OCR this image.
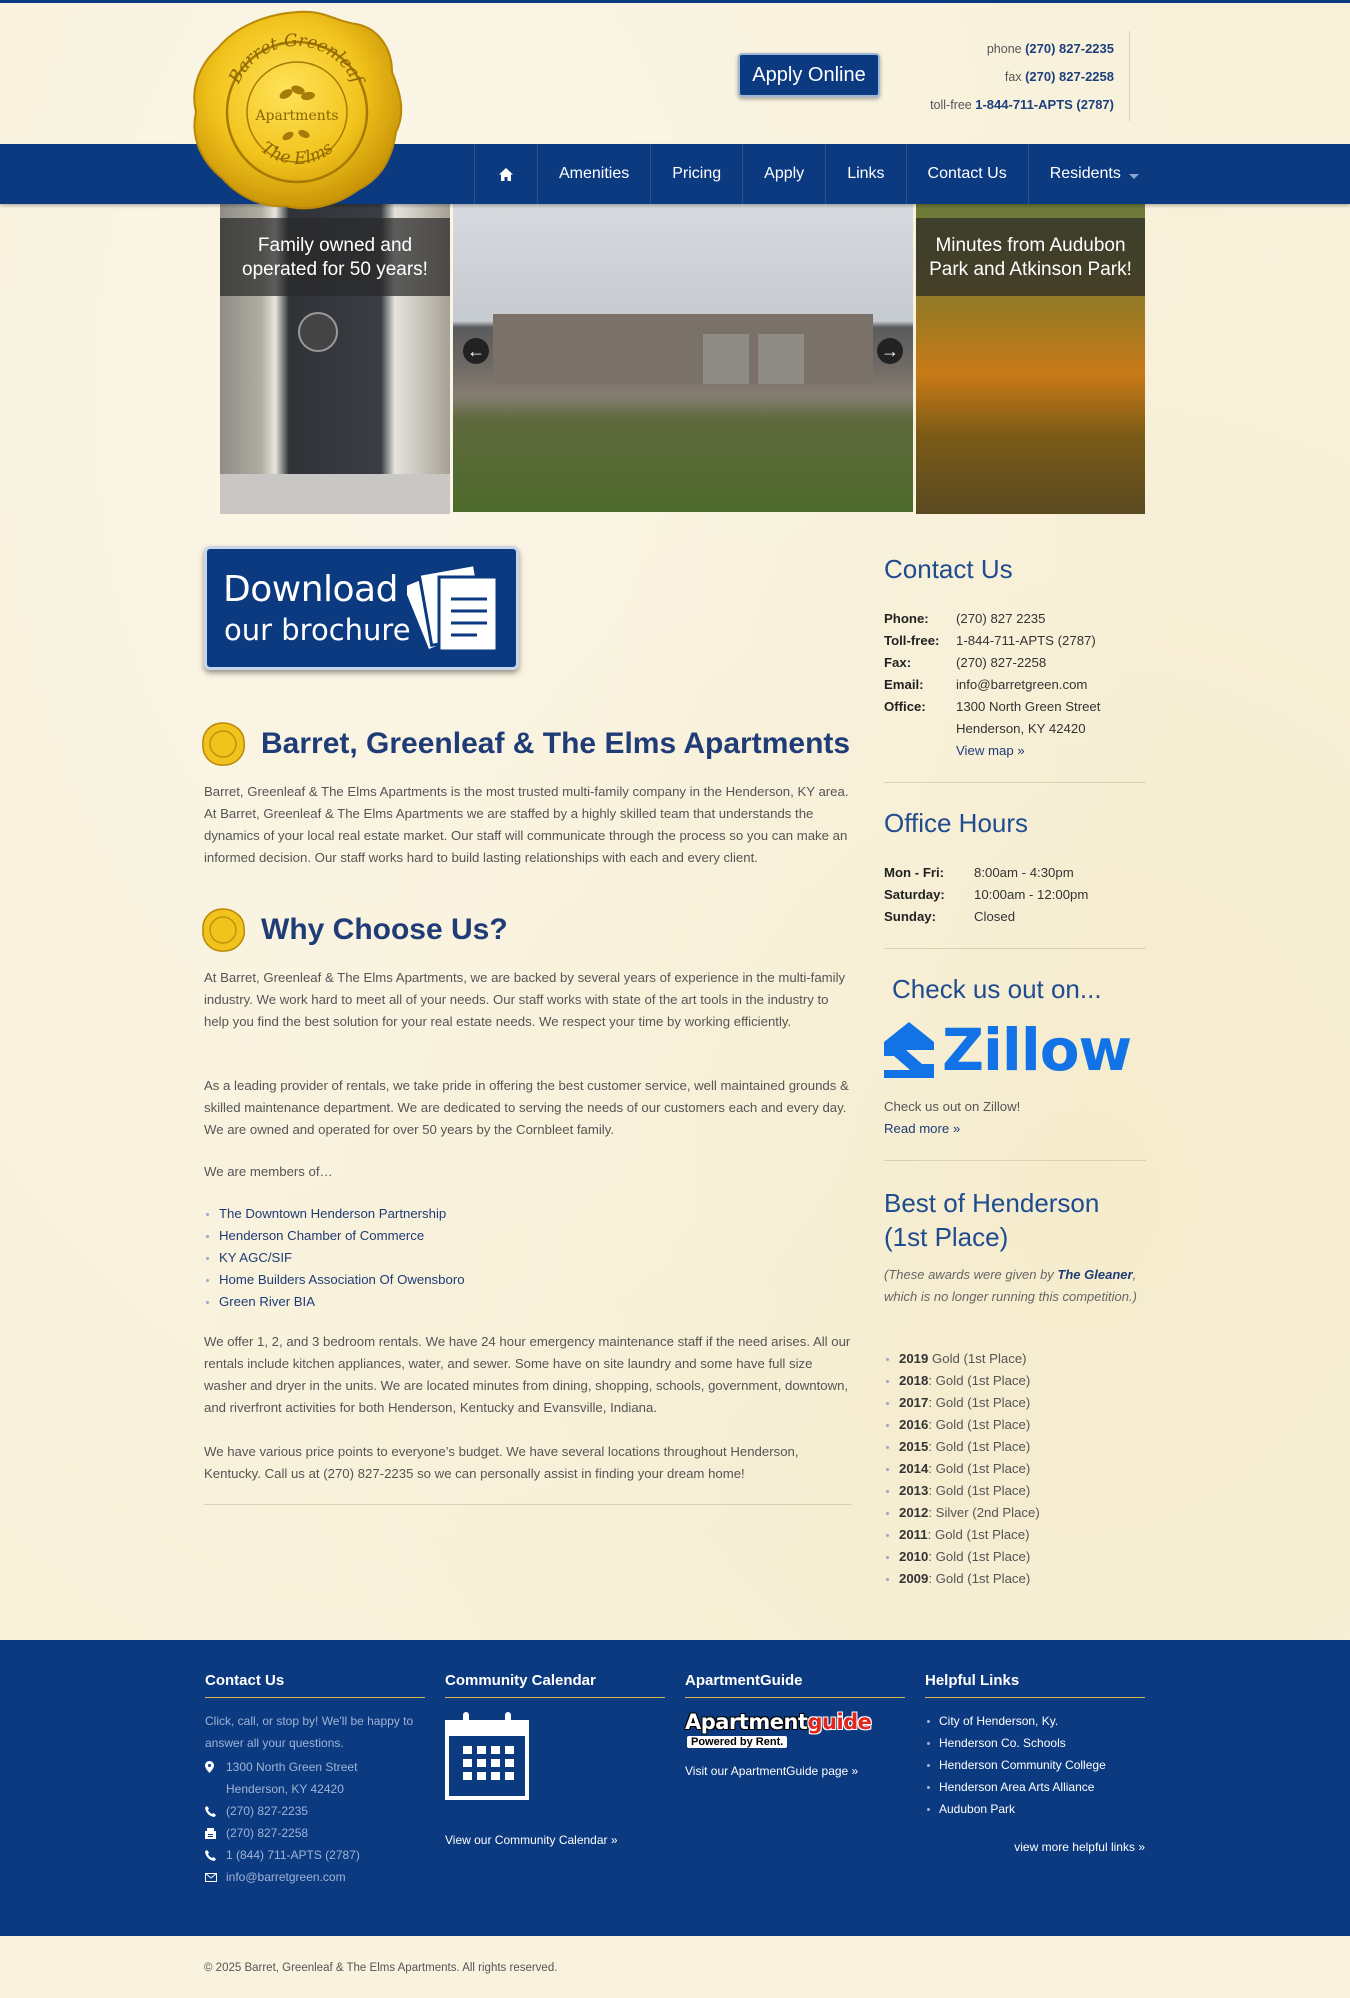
Apply Online
phone (270) 827-2235
fax (270) 827-2258
toll-free 1-844-711-APTS (2787)
Amenities	Pricing	Apply	Links	Contact Us	Residents
Barret-Greenleaf
The Elms
Apartments
Family owned and operated for 50 years!
←	→
Minutes from Audubon Park and Atkinson Park!
Download
our brochure
Barret, Greenleaf & The Elms Apartments

Barret, Greenleaf & The Elms Apartments is the most trusted multi-family company in the Henderson, KY area. At Barret, Greenleaf & The Elms Apartments we are staffed by a highly skilled team that understands the dynamics of your local real estate market. Our staff will communicate through the process so you can make an informed decision. Our staff works hard to build lasting relationships with each and every client.

Why Choose Us?

At Barret, Greenleaf & The Elms Apartments, we are backed by several years of experience in the multi-family industry. We work hard to meet all of your needs. Our staff works with state of the art tools in the industry to help you find the best solution for your real estate needs. We respect your time by working efficiently.

As a leading provider of rentals, we take pride in offering the best customer service, well maintained grounds & skilled maintenance department. We are dedicated to serving the needs of our customers each and every day. We are owned and operated for over 50 years by the Cornbleet family.

We are members of…

The Downtown Henderson Partnership
Henderson Chamber of Commerce
KY AGC/SIF
Home Builders Association Of Owensboro
Green River BIA

We offer 1, 2, and 3 bedroom rentals. We have 24 hour emergency maintenance staff if the need arises. All our rentals include kitchen appliances, water, and sewer. Some have on site laundry and some have full size washer and dryer in the units. We are located minutes from dining, shopping, schools, government, downtown, and riverfront activities for both Henderson, Kentucky and Evansville, Indiana.

We have various price points to everyone’s budget. We have several locations throughout Henderson, Kentucky. Call us at (270) 827-2235 so we can personally assist in finding your dream home!

Contact Us
Phone: (270) 827 2235
Toll-free: 1-844-711-APTS (2787)
Fax:	(270) 827-2258
Email: info@barretgreen.com
Office: 1300 North Green Street
Henderson, KY 42420
View map »
Office Hours
Mon - Fri: 8:00am - 4:30pm
Saturday: 10:00am - 12:00pm
Sunday:	Closed
Check us out on...
Zillow
Check us out on Zillow!
Read more »
Best of Henderson (1st Place)

(These awards were given by The Gleaner, which is no longer running this competition.)

2019 Gold (1st Place)
2018: Gold (1st Place)
2017: Gold (1st Place)
2016: Gold (1st Place)
2015: Gold (1st Place)
2014: Gold (1st Place)
2013: Gold (1st Place)
2012: Silver (2nd Place)
2011: Gold (1st Place)
2010: Gold (1st Place)
2009: Gold (1st Place)
Contact Us

Click, call, or stop by! We'll be happy to answer all your questions.

1300 North Green Street
Henderson, KY 42420
(270) 827-2235
(270) 827-2258
1 (844) 711-APTS (2787)
info@barretgreen.com
Community Calendar
View our Community Calendar »
ApartmentGuide
Apartmentguide
Powered by Rent.
Visit our ApartmentGuide page »
Helpful Links
City of Henderson, Ky.
Henderson Co. Schools
Henderson Community College
Henderson Area Arts Alliance
Audubon Park
view more helpful links »
© 2025 Barret, Greenleaf & The Elms Apartments. All rights reserved.
